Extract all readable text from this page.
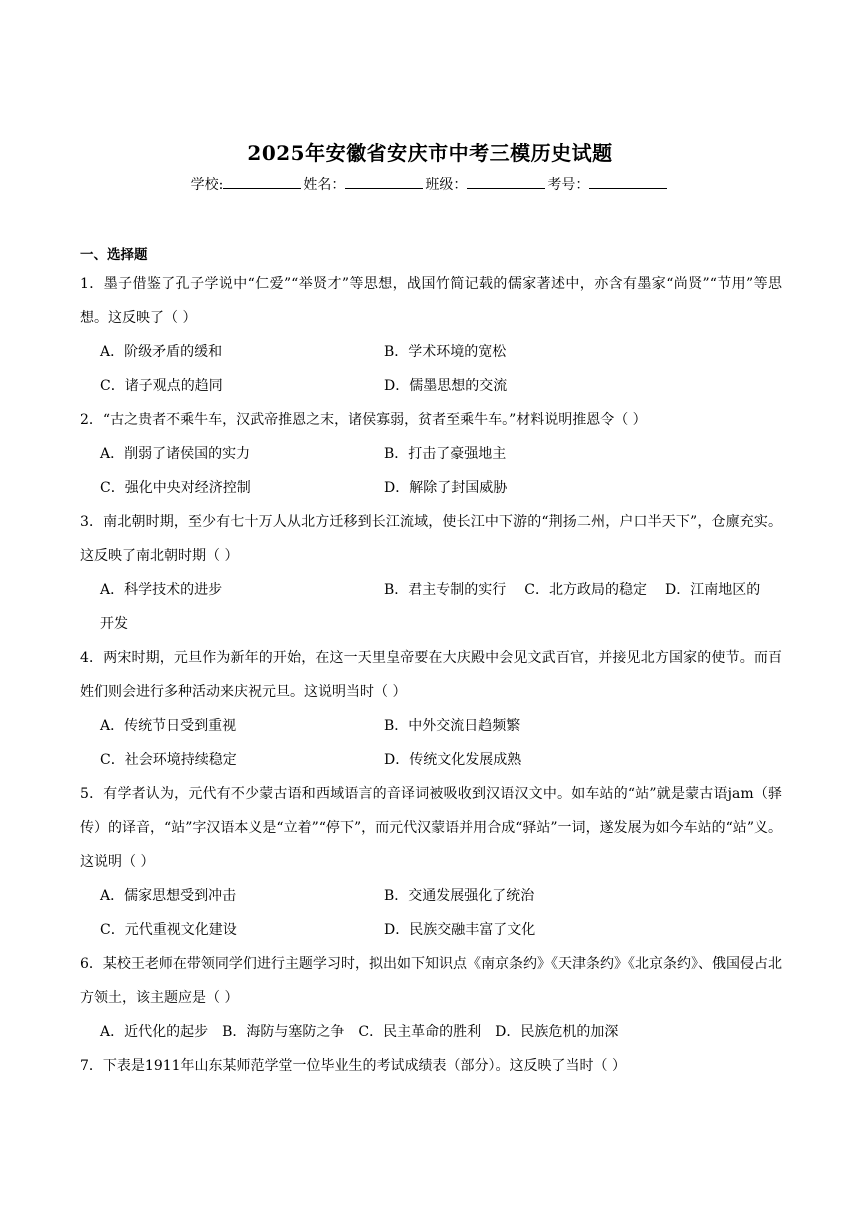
2025年安徽省安庆市中考三模历史试题
学校:	姓名：	班级：	考号：
一、选择题
1．墨子借鉴了孔子学说中“仁爱”“举贤才”等思想，战国竹简记载的儒家著述中，亦含有墨家“尚贤”“节用”等思想。这反映了（ ）
A．阶级矛盾的缓和	B．学术环境的宽松
C．诸子观点的趋同	D．儒墨思想的交流
2．“古之贵者不乘牛车，汉武帝推恩之末，诸侯寡弱，贫者至乘牛车。”材料说明推恩令（ ）
A．削弱了诸侯国的实力	B．打击了豪强地主
C．强化中央对经济控制	D．解除了封国威胁
3．南北朝时期，至少有七十万人从北方迁移到长江流域，使长江中下游的“荆扬二州，户口半天下”，仓廪充实。这反映了南北朝时期（ ）
A．科学技术的进步	B．君主专制的实行 C．北方政局的稳定 D．江南地区的
开发
4．两宋时期，元旦作为新年的开始，在这一天里皇帝要在大庆殿中会见文武百官，并接见北方国家的使节。而百姓们则会进行多种活动来庆祝元旦。这说明当时（ ）
A．传统节日受到重视	B．中外交流日趋频繁
C．社会环境持续稳定	D．传统文化发展成熟
5．有学者认为，元代有不少蒙古语和西域语言的音译词被吸收到汉语汉文中。如车站的“站”就是蒙古语jam（驿传）的译音，“站”字汉语本义是“立着”“停下”，而元代汉蒙语并用合成“驿站”一词，遂发展为如今车站的“站”义。这说明（ ）
A．儒家思想受到冲击	B．交通发展强化了统治
C．元代重视文化建设	D．民族交融丰富了文化
6．某校王老师在带领同学们进行主题学习时，拟出如下知识点《南京条约》《天津条约》《北京条约》、俄国侵占北方领土，该主题应是（ ）
A．近代化的起步 B．海防与塞防之争 C．民主革命的胜利 D．民族危机的加深
7．下表是1911年山东某师范学堂一位毕业生的考试成绩表（部分）。这反映了当时（ ）
